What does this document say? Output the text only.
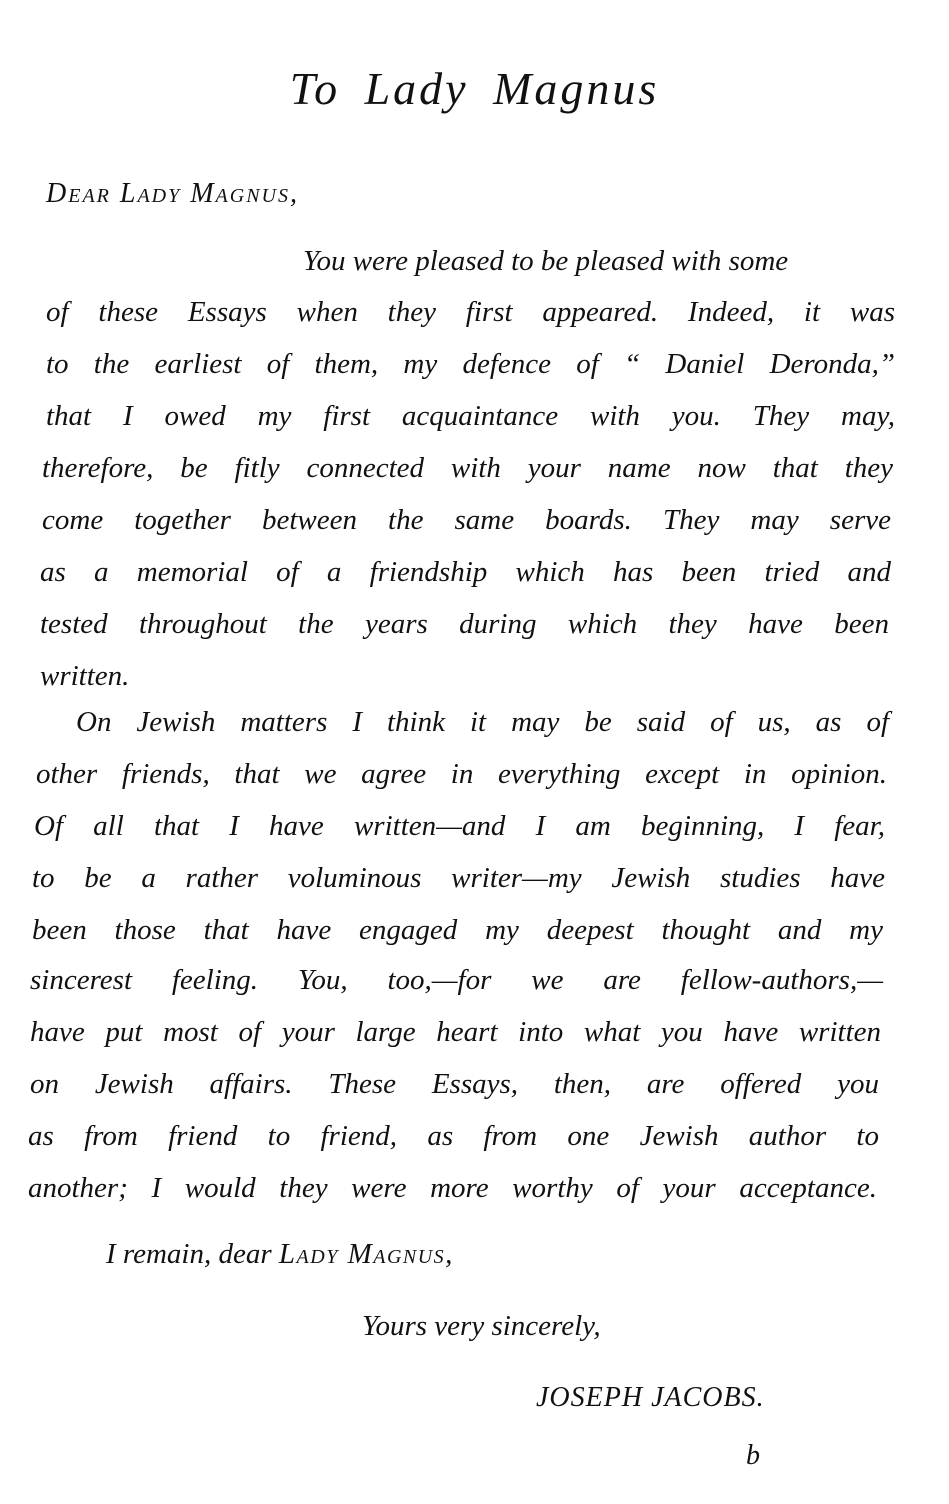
To Lady Magnus
Dear Lady Magnus,
You were pleased to be pleased with some
of these Essays when they first appeared. Indeed, it was
to the earliest of them, my defence of “ Daniel Deronda,”
that I owed my first acquaintance with you. They may,
therefore, be fitly connected with your name now that they
come together between the same boards. They may serve
as a memorial of a friendship which has been tried and
tested throughout the years during which they have been
written.
On Jewish matters I think it may be said of us, as of
other friends, that we agree in everything except in opinion.
Of all that I have written—and I am beginning, I fear,
to be a rather voluminous writer—my Jewish studies have
been those that have engaged my deepest thought and my
sincerest feeling. You, too,—for we are fellow-authors,—
have put most of your large heart into what you have written
on Jewish affairs. These Essays, then, are offered you
as from friend to friend, as from one Jewish author to
another; I would they were more worthy of your acceptance.
I remain, dear Lady Magnus,
Yours very sincerely,
JOSEPH JACOBS.
b
